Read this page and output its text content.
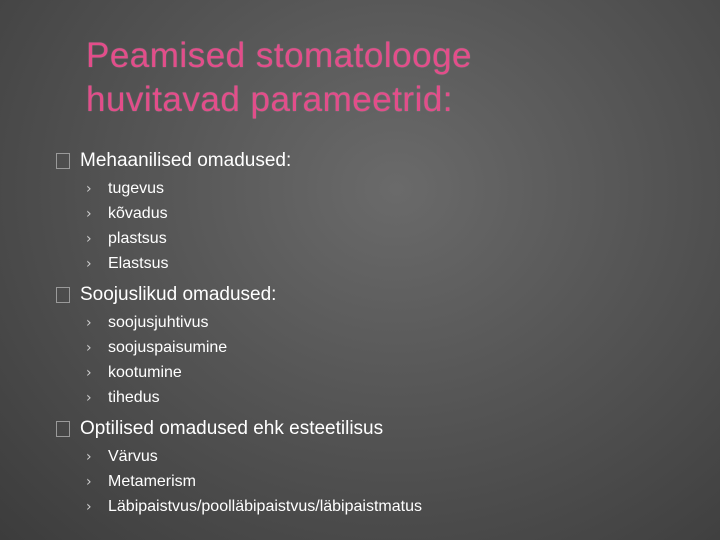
Peamised stomatolooge
huvitavad parameetrid:
Mehaanilised omadused:
›	tugevus
›	kõvadus
›	plastsus
›	Elastsus
Soojuslikud omadused:
›	soojusjuhtivus
›	soojuspaisumine
›	kootumine
›	tihedus
Optilised omadused ehk esteetilisus
›	Värvus
›	Metamerism
›	Läbipaistvus/poolläbipaistvus/läbipaistmatus
